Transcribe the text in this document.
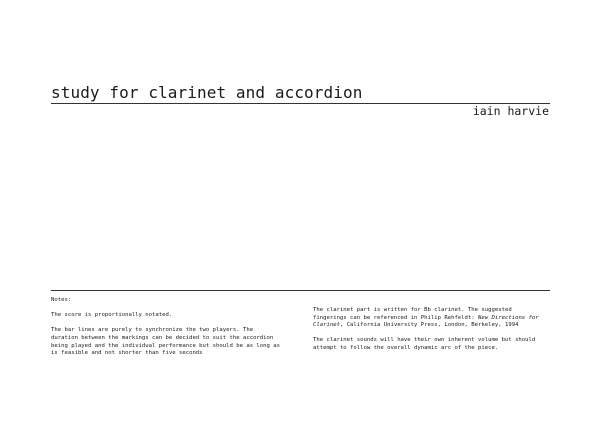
study for clarinet and accordion
iain harvie

Notes:

The score is proportionally notated.

The bar lines are purely to synchronize the two players. The

duration between the markings can be decided to suit the accordion

being played and the individual performance but should be as long as

is feasible and not shorter than five seconds

The clarinet part is written for Bb clarinet. The suggested

fingerings can be referenced in Philip Rehfeldt: New Directions for

Clarinet, California University Press, London, Berkeley, 1994

The clarinet sounds will have their own inherent volume but should

attempt to follow the overall dynamic arc of the piece.
